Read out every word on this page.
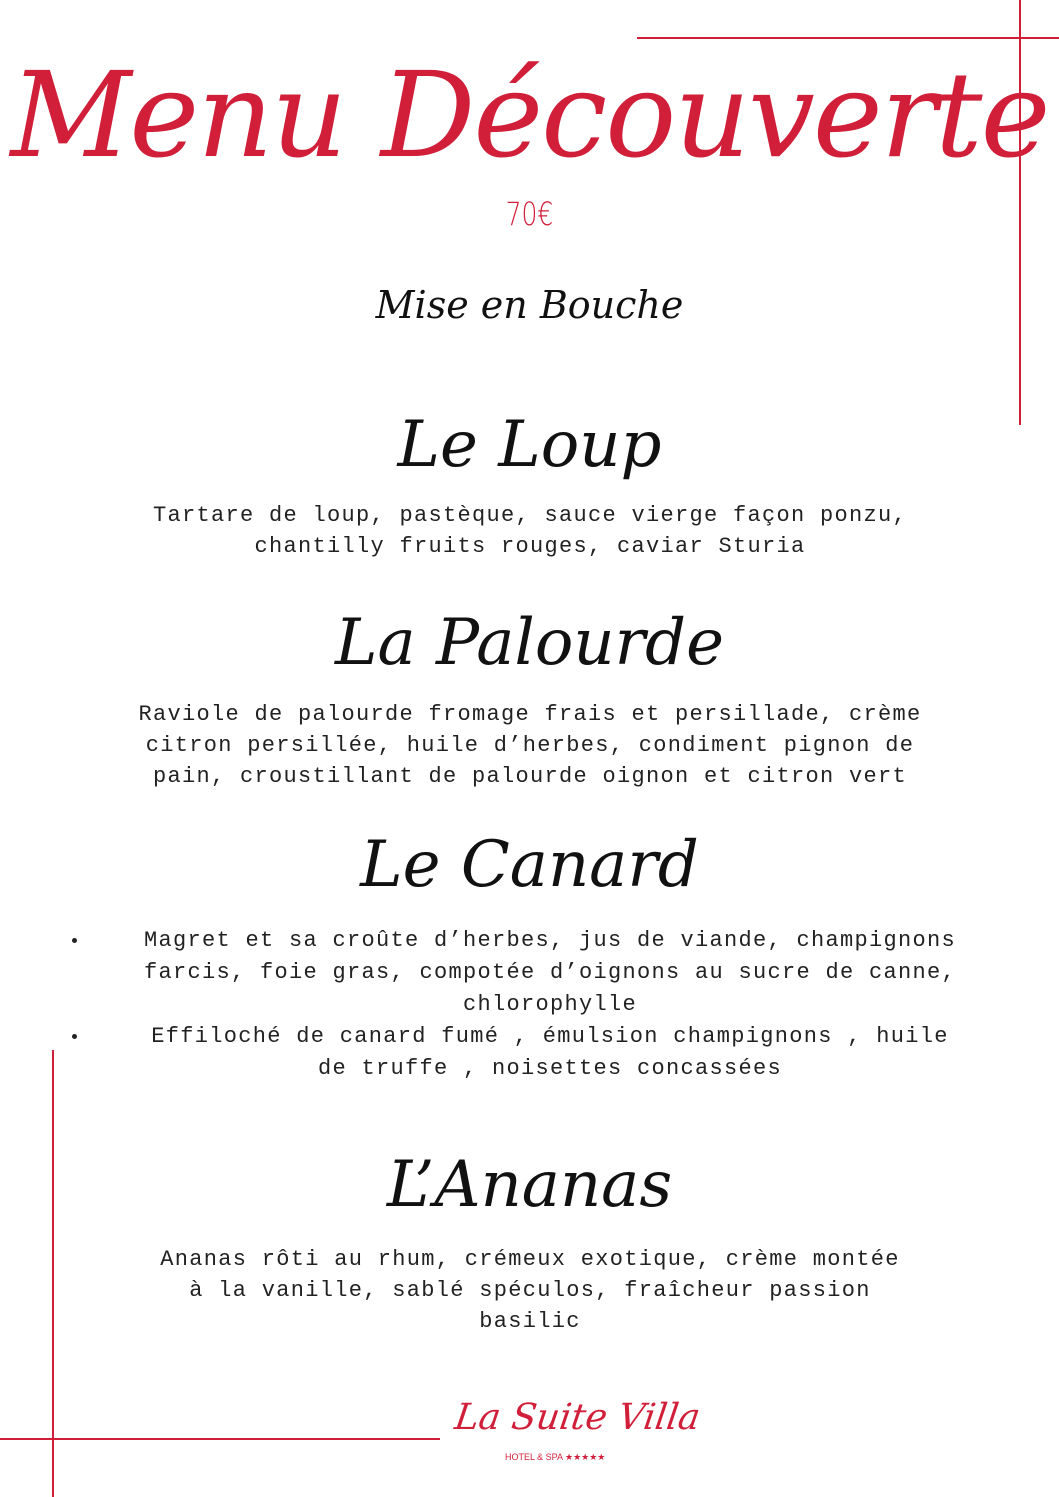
Menu Découverte
70€
Mise en Bouche
Le Loup

Tartare de loup, pastèque, sauce vierge façon ponzu,
chantilly fruits rouges, caviar Sturia

La Palourde

Raviole de palourde fromage frais et persillade, crème
citron persillée, huile d’herbes, condiment pignon de
pain, croustillant de palourde oignon et citron vert

Le Canard
Magret et sa croûte d’herbes, jus de viande, champignons
farcis, foie gras, compotée d’oignons au sucre de canne,
chlorophylle
Effiloché de canard fumé , émulsion champignons , huile
de truffe , noisettes concassées
L’Ananas

Ananas rôti au rhum, crémeux exotique, crème montée
à la vanille, sablé spéculos, fraîcheur passion
basilic

La Suite Villa
HOTEL & SPA ★★★★★
